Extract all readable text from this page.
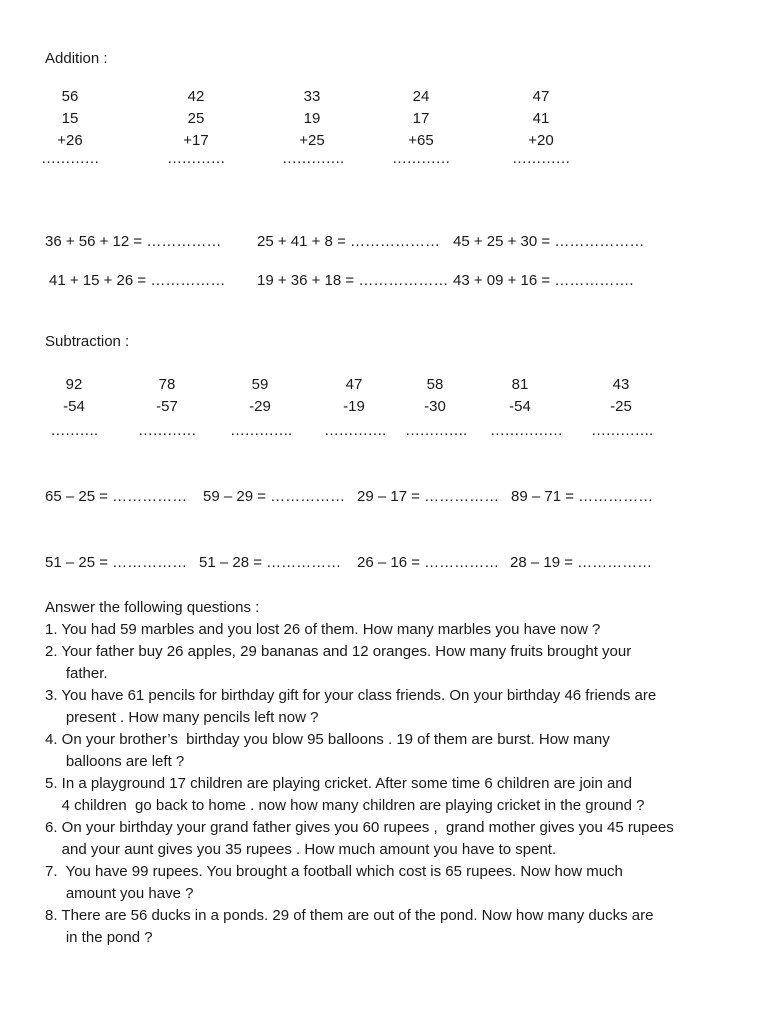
Addition :

56
15
+26
…………
42
25
+17
…………
33
19
+25
………….
24
17
+65
…………
47
41
+20
…………

36 + 56 + 12 = …………… 25 + 41 + 8 = ……………… 45 + 25 + 30 = ………………

41 + 15 + 26 = …………… 19 + 36 + 18 = ……………… 43 + 09 + 16 = …………….

Subtraction :

92
-54
……….
78
-57
…………
59
-29
………….
47
-19
………….
58
-30
………….
81
-54
……………
43
-25
………….

65 – 25 = …………… 59 – 29 = …………… 29 – 17 = …………… 89 – 71 = ……………

51 – 25 = …………… 51 – 28 = …………… 26 – 16 = …………… 28 – 19 = ……………

Answer the following questions :

1. You had 59 marbles and you lost 26 of them. How many marbles you have now ?

2. Your father buy 26 apples, 29 bananas and 12 oranges. How many fruits brought your

father.

3. You have 61 pencils for birthday gift for your class friends. On your birthday 46 friends are

present . How many pencils left now ?

4. On your brother’s  birthday you blow 95 balloons . 19 of them are burst. How many

balloons are left ?

5. In a playground 17 children are playing cricket. After some time 6 children are join and

4 children  go back to home . now how many children are playing cricket in the ground ?

6. On your birthday your grand father gives you 60 rupees ,  grand mother gives you 45 rupees

and your aunt gives you 35 rupees . How much amount you have to spent.

7.  You have 99 rupees. You brought a football which cost is 65 rupees. Now how much

amount you have ?

8. There are 56 ducks in a ponds. 29 of them are out of the pond. Now how many ducks are

in the pond ?
